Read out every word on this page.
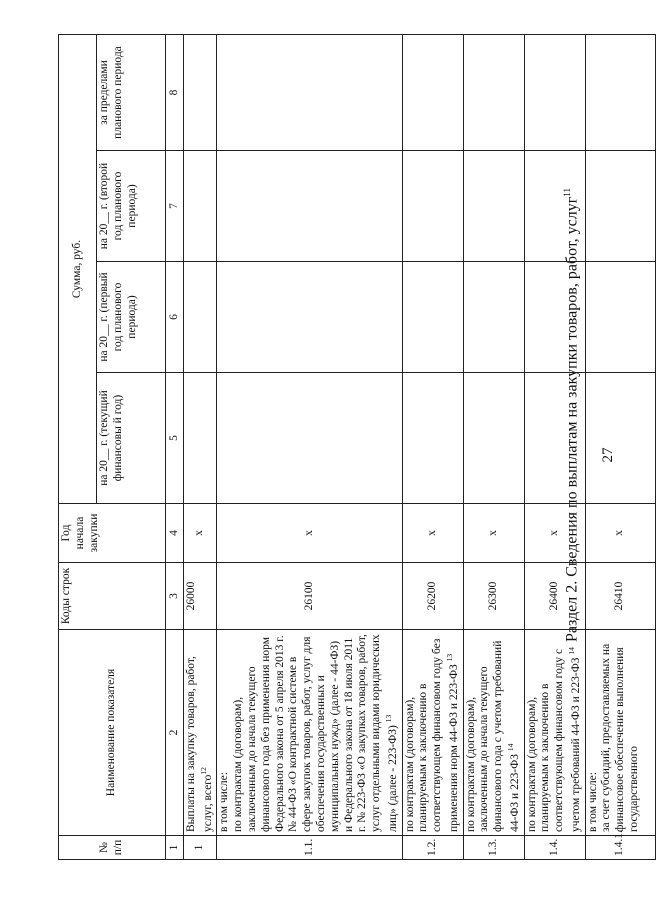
27
Раздел 2. Сведения по выплатам на закупки товаров, работ, услуг$^{11}$
№ п/п	Наименование показателя	Коды строк	Год начала закупки	Сумма, руб.			
				на 20__ г. (текущий финансовы й год)	на 20__ г. (первый год планового периода)	на 20__ г. (второй год планового периода)	за пределами планового периода
1	2	3	4	5	6	7	8
1	Выплаты на закупку товаров, работ, услуг, всего$^{12}$	26000	x				
1.1.	в том числе: по контрактам (договорам), заключенным до начала текущего финансового года без применения норм Федерального закона от 5 апреля 2013 г. № 44-ФЗ «О контрактной системе в сфере закупок товаров, работ, услуг для обеспечения государственных и муниципальных нужд» (далее - 44-ФЗ) и Федерального закона от 18 июля 2011 г. № 223-ФЗ «О закупках товаров, работ, услуг отдельными видами юридических лиц» (далее - 223-ФЗ) $^{13}$	26100	x				
1.2.	по контрактам (договорам), планируемым к заключению в соответствующем финансовом году без применения норм 44-ФЗ и 223-ФЗ $^{13}$	26200	x				
1.3.	по контрактам (договорам), заключенным до начала текущего финансового года с учетом требований 44-ФЗ и 223-ФЗ $^{14}$	26300	x				
1.4.	по контрактам (договорам), планируемым к заключению в соответствующем финансовом году с учетом требований 44-ФЗ и 223-ФЗ $^{14}$	26400	x				
1.4.1.	в том числе: за счет субсидий, предоставляемых на финансовое обеспечение выполнения государственного	26410	x				
